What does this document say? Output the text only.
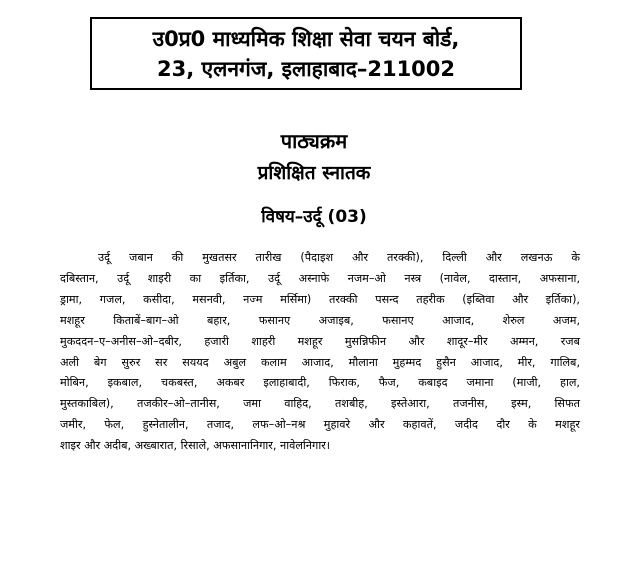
उ0प्र0 माध्यमिक शिक्षा सेवा चयन बोर्ड,
23, एलनगंज, इलाहाबाद–211002
पाठ्यक्रम
प्रशिक्षित स्नातक
विषय–उर्दू (03)
उर्दू जबान की मुखतसर तारीख (पैदाइश और तरक्की), दिल्ली और लखनऊ के
दबिस्तान, उर्दू शाइरी का इर्तिका, उर्दू अस्नाफे नजम–ओ नस्त्र (नावेल, दास्तान, अफसाना,
ड्रामा, गजल, कसीदा, मसनवी, नज्म मर्सिमा) तरक्की पसन्द तहरीक (इब्तिवा और इर्तिका),
मशहूर किताबें–बाग–ओ बहार, फसानए अजाइब, फसानए आजाद, शेरुल अजम,
मुकददन–ए–अनीस–ओ–दबीर, हजारी शाहरी मशहूर मुसन्निफीन और शादूर–मीर अम्मन, रजब
अली बेग सुरुर सर सययद अबुल कलाम आजाद, मौलाना मुहम्मद हुसैन आजाद, मीर, गालिब,
मोबिन, इकबाल, चकबस्त, अकबर इलाहाबादी, फिराक, फैज, कबाइद जमाना (माजी, हाल,
मुस्तकाबिल), तजकीर–ओ–तानीस, जमा वाहिद, तशबीह, इस्तेआरा, तजनीस, इस्म, सिफत
जमीर, फेल, हुस्नेतालीन, तजाद, लफ–ओ–नश्र मुहावरे और कहावतें, जदीद दौर के मशहूर
शाइर और अदीब, अख्बारात, रिसाले, अफसानानिगार, नावेलनिगार।
